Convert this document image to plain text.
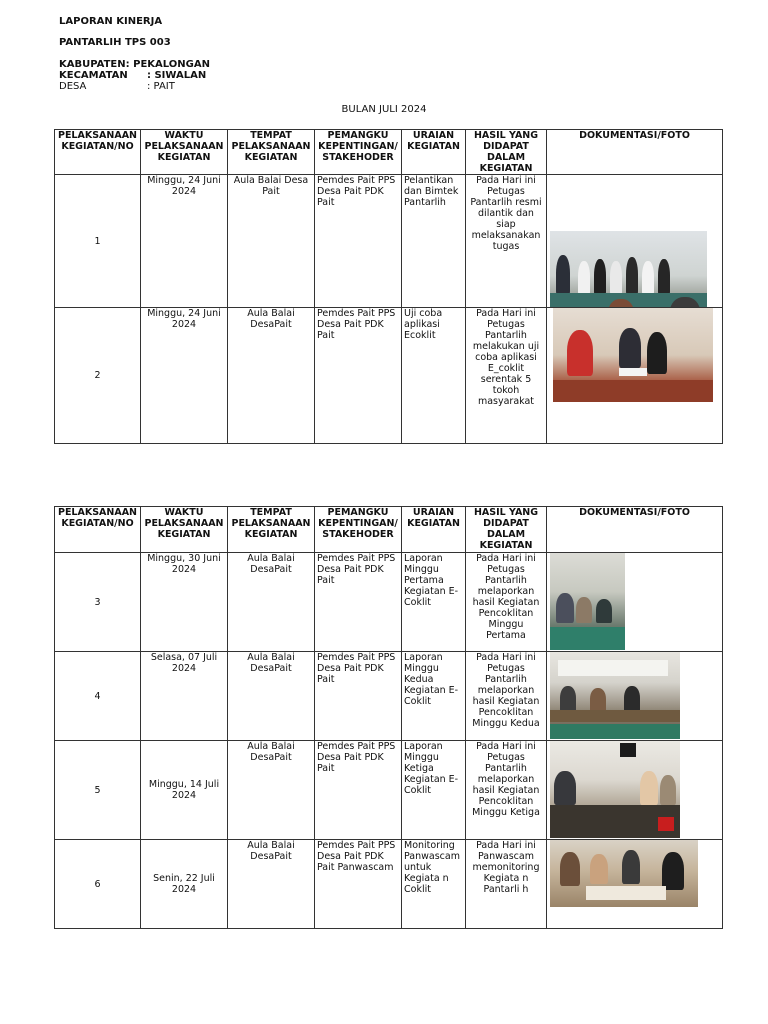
LAPORAN KINERJA
PANTARLIH TPS 003
KABUPATEN: PEKALONGAN
KECAMATAN : SIWALAN
DESA	: PAIT
BULAN JULI 2024
PELAKSANAAN KEGIATAN/NO	WAKTU PELAKSANAAN KEGIATAN	TEMPAT PELAKSANAAN KEGIATAN	PEMANGKU KEPENTINGAN/ STAKEHODER	URAIAN KEGIATAN	HASIL YANG DIDAPAT DALAM KEGIATAN	DOKUMENTASI/FOTO
1	Minggu, 24 Juni 2024	Aula Balai Desa Pait	Pemdes Pait PPS Desa Pait PDK Pait	Pelantikan dan Bimtek Pantarlih	Pada Hari ini Petugas Pantarlih resmi dilantik dan siap melaksanakan tugas	

2	Minggu, 24 Juni 2024	Aula Balai DesaPait	Pemdes Pait PPS Desa Pait PDK Pait	Uji coba aplikasi Ecoklit	Pada Hari ini Petugas Pantarlih melakukan uji coba aplikasi E_coklit serentak 5 tokoh masyarakat	
PELAKSANAAN KEGIATAN/NO	WAKTU PELAKSANAAN KEGIATAN	TEMPAT PELAKSANAAN KEGIATAN	PEMANGKU KEPENTINGAN/ STAKEHODER	URAIAN KEGIATAN	HASIL YANG DIDAPAT DALAM KEGIATAN	DOKUMENTASI/FOTO
3	Minggu, 30 Juni 2024	Aula Balai DesaPait	Pemdes Pait PPS Desa Pait PDK Pait	Laporan Minggu Pertama Kegiatan E-Coklit	Pada Hari ini Petugas Pantarlih melaporkan hasil Kegiatan Pencoklitan Minggu Pertama	

4	Selasa, 07 Juli 2024	Aula Balai DesaPait	Pemdes Pait PPS Desa Pait PDK Pait	Laporan Minggu Kedua Kegiatan E-Coklit	Pada Hari ini Petugas Pantarlih melaporkan hasil Kegiatan Pencoklitan Minggu Kedua	

5	Minggu, 14 Juli 2024	Aula Balai DesaPait	Pemdes Pait PPS Desa Pait PDK Pait	Laporan Minggu Ketiga Kegiatan E-Coklit	Pada Hari ini Petugas Pantarlih melaporkan hasil Kegiatan Pencoklitan Minggu Ketiga	

6	Senin, 22 Juli 2024	Aula Balai DesaPait	Pemdes Pait PPS Desa Pait PDK Pait Panwascam	Monitoring Panwascam untuk Kegiata n Coklit	Pada Hari ini Panwascam memonitoring Kegiata n Pantarli h	
